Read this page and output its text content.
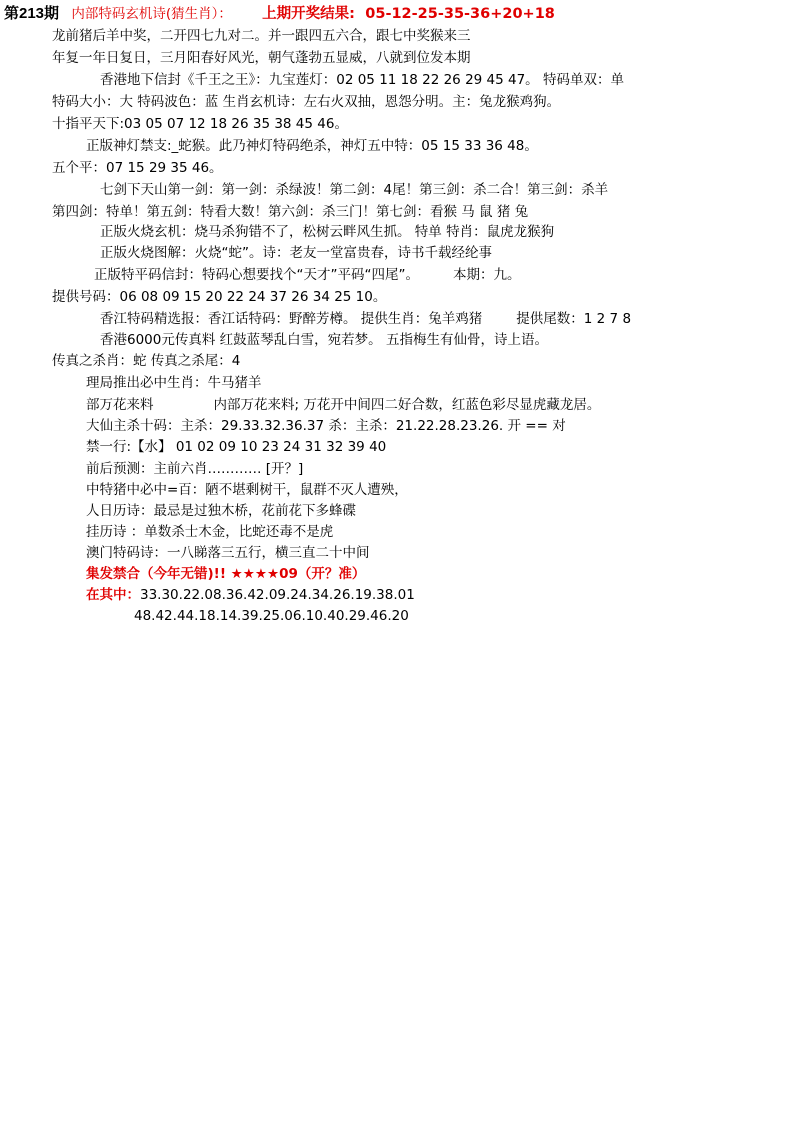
第213期 内部特码玄机诗(猜生肖）： 上期开奖结果: 05-12-25-35-36+20+18
龙前猪后羊中奖，二开四七九对二。并一跟四五六合，跟七中奖猴来三
年复一年日复日，三月阳春好风光，朝气蓬勃五显威，八就到位发本期
香港地下信封《千王之王》：九宝莲灯：02 05 11 18 22 26 29 45 47。 特码单双：单
特码大小：大 特码波色：蓝 生肖玄机诗：左右火双抽，恩怨分明。主：兔龙猴鸡狗。
十指平天下:03 05 07 12 18 26 35 38 45 46。
正版神灯禁支:_蛇猴。此乃神灯特码绝杀，神灯五中特：05 15 33 36 48。
五个平：07 15 29 35 46。
七剑下天山第一剑：第一剑：杀绿波！第二剑：4尾！第三剑：杀二合！第三剑：杀羊
第四剑：特单！第五剑：特看大数！第六剑：杀三门！第七剑：看猴 马 鼠 猪 兔
正版火烧玄机：烧马杀狗错不了，松树云畔风生抓。 特单 特肖：鼠虎龙猴狗
正版火烧图解：火烧“蛇”。诗：老友一堂富贵春，诗书千载经纶事
正版特平码信封：特码心想要找个“天才”平码“四尾”。	本期：九。
提供号码：06 08 09 15 20 22 24 37 26 34 25 10。
香江特码精选报：香江话特码：野醉芳樽。 提供生肖：兔羊鸡猪	提供尾数：1 2 7 8
香港6000元传真料 红鼓蓝琴乱白雪，宛若梦。 五指梅生有仙骨，诗上语。
传真之杀肖：蛇 传真之杀尾：4
理局推出必中生肖：牛马猪羊
部万花来料	内部万花来料; 万花开中间四二好合数，红蓝色彩尽显虎藏龙居。
大仙主杀十码：主杀：29.33.32.36.37 杀：主杀：21.22.28.23.26. 开 == 对
禁一行:【水】 01 02 09 10 23 24 31 32 39 40
前后预测：主前六肖………… [开？]
中特猪中必中=百：陋不堪剩树干，鼠群不灭人遭殃，
人日历诗：最忌是过独木桥，花前花下多蜂碟
挂历诗 ：单数杀士木金，比蛇还毒不是虎
澳门特码诗：一八睇落三五行，横三直二十中间
集发禁合（今年无错)!! ★★★★09（开？准）
在其中：33.30.22.08.36.42.09.24.34.26.19.38.01
48.42.44.18.14.39.25.06.10.40.29.46.20
